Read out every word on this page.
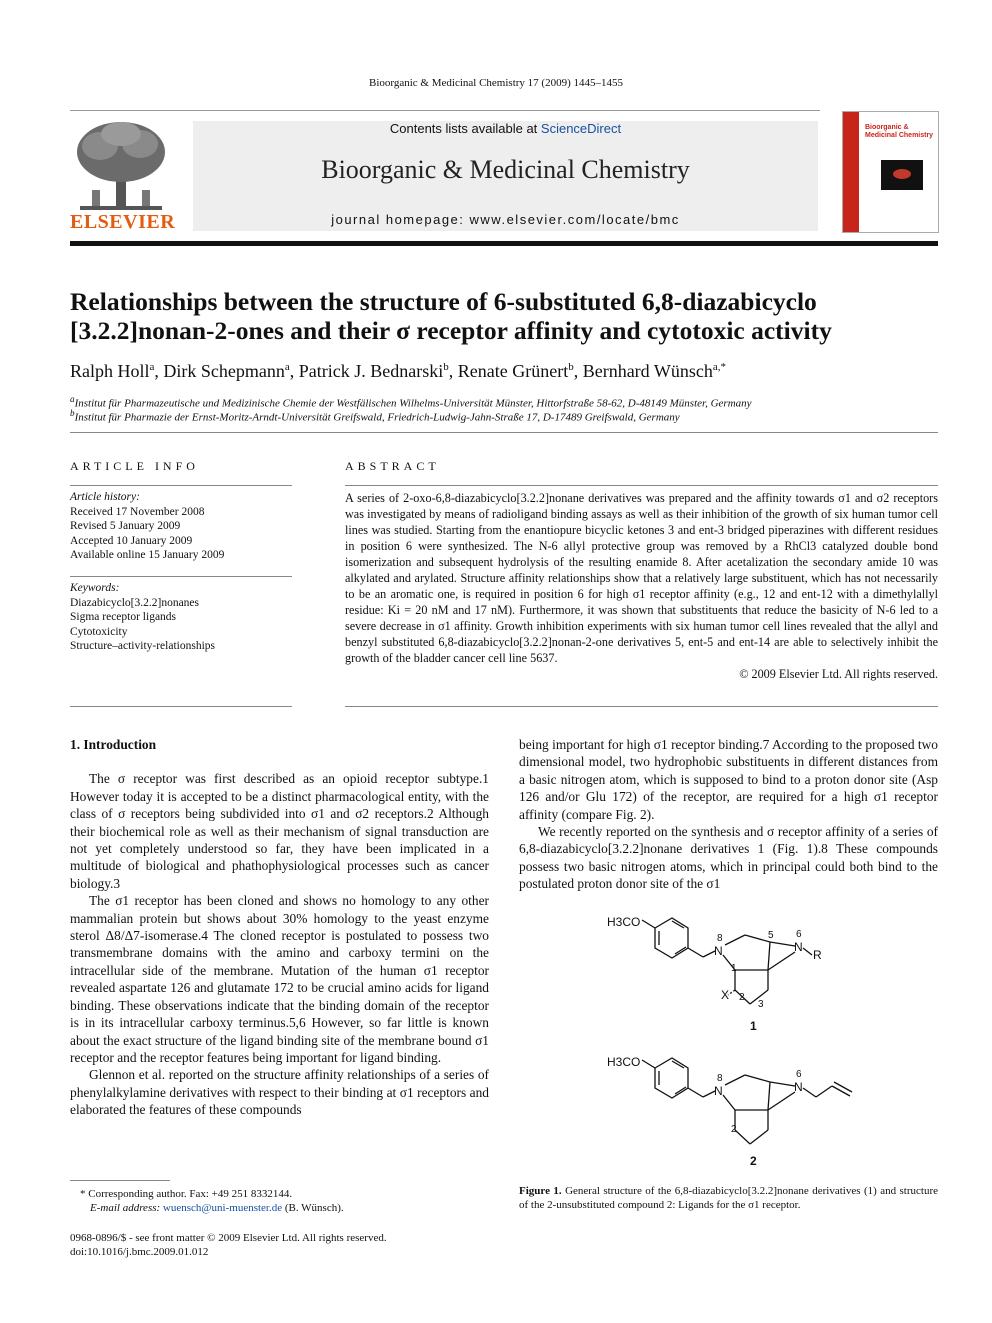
Bioorganic & Medicinal Chemistry 17 (2009) 1445–1455
ELSEVIER
Contents lists available at ScienceDirect
Bioorganic & Medicinal Chemistry
journal homepage: www.elsevier.com/locate/bmc
Bioorganic & Medicinal Chemistry
Relationships between the structure of 6-substituted 6,8-diazabicyclo
[3.2.2]nonan-2-ones and their σ receptor affinity and cytotoxic activity
Ralph Holl$^a$, Dirk Schepmann$^a$, Patrick J. Bednarski$^b$, Renate Grünert$^b$, Bernhard Wünsch$^{a,*}$
$^a$Institut für Pharmazeutische und Medizinische Chemie der Westfälischen Wilhelms-Universität Münster, Hittorfstraße 58-62, D-48149 Münster, Germany
$^b$Institut für Pharmazie der Ernst-Moritz-Arndt-Universität Greifswald, Friedrich-Ludwig-Jahn-Straße 17, D-17489 Greifswald, Germany
ARTICLE INFO
Article history:
Received 17 November 2008
Revised 5 January 2009
Accepted 10 January 2009
Available online 15 January 2009
Keywords:
Diazabicyclo[3.2.2]nonanes
Sigma receptor ligands
Cytotoxicity
Structure–activity-relationships
ABSTRACT

A series of 2-oxo-6,8-diazabicyclo[3.2.2]nonane derivatives was prepared and the affinity towards σ1 and σ2 receptors was investigated by means of radioligand binding assays as well as their inhibition of the growth of six human tumor cell lines was studied. Starting from the enantiopure bicyclic ketones 3 and ent-3 bridged piperazines with different residues in position 6 were synthesized. The N-6 allyl protective group was removed by a RhCl3 catalyzed double bond isomerization and subsequent hydrolysis of the resulting enamide 8. After acetalization the secondary amide 10 was alkylated and arylated. Structure affinity relationships show that a relatively large substituent, which has not necessarily to be an aromatic one, is required in position 6 for high σ1 receptor affinity (e.g., 12 and ent-12 with a dimethylallyl residue: Ki = 20 nM and 17 nM). Furthermore, it was shown that substituents that reduce the basicity of N-6 led to a severe decrease in σ1 affinity. Growth inhibition experiments with six human tumor cell lines revealed that the allyl and benzyl substituted 6,8-diazabicyclo[3.2.2]nonan-2-one derivatives 5, ent-5 and ent-14 are able to selectively inhibit the growth of the bladder cancer cell line 5637.

© 2009 Elsevier Ltd. All rights reserved.

1. Introduction

The σ receptor was first described as an opioid receptor subtype.1 However today it is accepted to be a distinct pharmacological entity, with the class of σ receptors being subdivided into σ1 and σ2 receptors.2 Although their biochemical role as well as their mechanism of signal transduction are not yet completely understood so far, they have been implicated in a multitude of biological and phathophysiological processes such as cancer biology.3

The σ1 receptor has been cloned and shows no homology to any other mammalian protein but shows about 30% homology to the yeast enzyme sterol Δ8/Δ7-isomerase.4 The cloned receptor is postulated to possess two transmembrane domains with the amino and carboxy termini on the intracellular side of the membrane. Mutation of the human σ1 receptor revealed aspartate 126 and glutamate 172 to be crucial amino acids for ligand binding. These observations indicate that the binding domain of the receptor is in its intracellular carboxy terminus.5,6 However, so far little is known about the exact structure of the ligand binding site of the membrane bound σ1 receptor and the receptor features being important for ligand binding.

Glennon et al. reported on the structure affinity relationships of a series of phenylalkylamine derivatives with respect to their binding at σ1 receptors and elaborated the features of these compounds

being important for high σ1 receptor binding.7 According to the proposed two dimensional model, two hydrophobic substituents in different distances from a basic nitrogen atom, which is supposed to bind to a proton donor site (Asp 126 and/or Glu 172) of the receptor, are required for a high σ1 receptor affinity (compare Fig. 2).

We recently reported on the synthesis and σ receptor affinity of a series of 6,8-diazabicyclo[3.2.2]nonane derivatives 1 (Fig. 1).8 These compounds possess two basic nitrogen atoms, which in principal could both bind to the postulated proton donor site of the σ1

H3CO
N
8
N
6
5
1
2
3
R
X
1
H3CO
N
8
N
6
2
2
Figure 1. General structure of the 6,8-diazabicyclo[3.2.2]nonane derivatives (1) and structure of the 2-unsubstituted compound 2: Ligands for the σ1 receptor.
* Corresponding author. Fax: +49 251 8332144.
E-mail address: wuensch@uni-muenster.de (B. Wünsch).
0968-0896/$ - see front matter © 2009 Elsevier Ltd. All rights reserved.
doi:10.1016/j.bmc.2009.01.012
